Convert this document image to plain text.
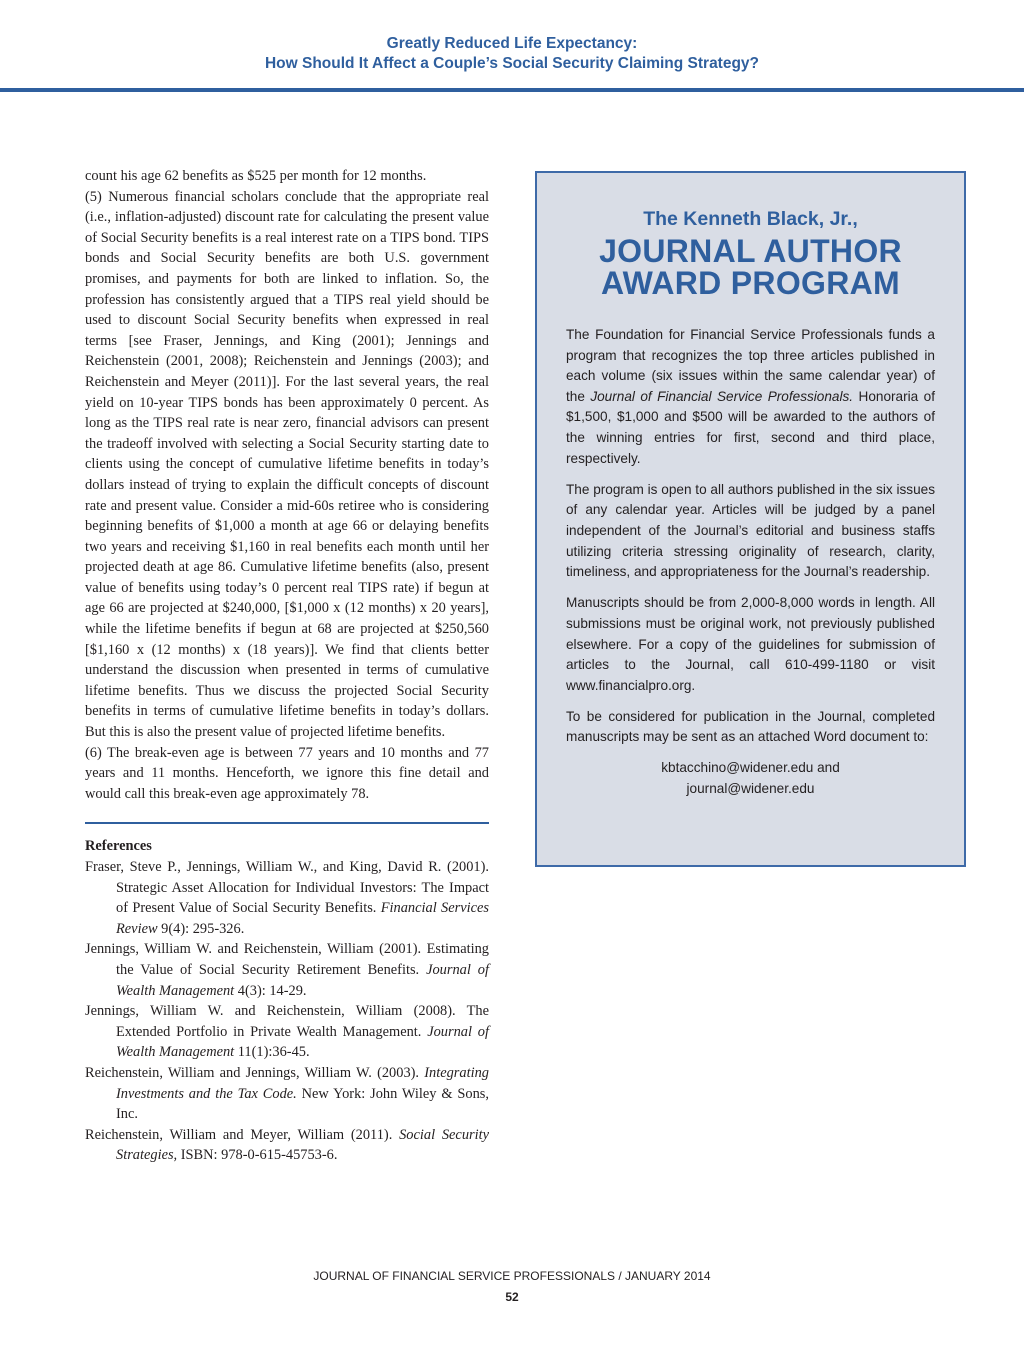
Greatly Reduced Life Expectancy:
How Should It Affect a Couple’s Social Security Claiming Strategy?

count his age 62 benefits as $525 per month for 12 months.

(5) Numerous financial scholars conclude that the appropriate real (i.e., inflation-adjusted) discount rate for calculating the present value of Social Security benefits is a real interest rate on a TIPS bond. TIPS bonds and Social Security benefits are both U.S. government promises, and payments for both are linked to inflation. So, the profession has consistently argued that a TIPS real yield should be used to discount Social Security benefits when expressed in real terms [see Fraser, Jennings, and King (2001); Jennings and Reichenstein (2001, 2008); Reichenstein and Jennings (2003); and Reichenstein and Meyer (2011)]. For the last several years, the real yield on 10-year TIPS bonds has been approximately 0 percent. As long as the TIPS real rate is near zero, financial advisors can present the tradeoff involved with selecting a Social Security starting date to clients using the concept of cumulative lifetime benefits in today’s dollars instead of trying to explain the difficult concepts of discount rate and present value. Consider a mid-60s retiree who is considering beginning benefits of $1,000 a month at age 66 or delaying benefits two years and receiving $1,160 in real benefits each month until her projected death at age 86. Cumulative lifetime benefits (also, present value of benefits using today’s 0 percent real TIPS rate) if begun at age 66 are projected at $240,000, [$1,000 x (12 months) x 20 years], while the lifetime benefits if begun at 68 are projected at $250,560 [$1,160 x (12 months) x (18 years)]. We find that clients better understand the discussion when presented in terms of cumulative lifetime benefits. Thus we discuss the projected Social Security benefits in terms of cumulative lifetime benefits in today’s dollars. But this is also the present value of projected lifetime benefits.

(6) The break-even age is between 77 years and 10 months and 77 years and 11 months. Henceforth, we ignore this fine detail and would call this break-even age approximately 78.

References

Fraser, Steve P., Jennings, William W., and King, David R. (2001). Strategic Asset Allocation for Individual Investors: The Impact of Present Value of Social Security Benefits. Financial Services Review 9(4): 295-326.

Jennings, William W. and Reichenstein, William (2001). Estimating the Value of Social Security Retirement Benefits. Journal of Wealth Management 4(3): 14-29.

Jennings, William W. and Reichenstein, William (2008). The Extended Portfolio in Private Wealth Management. Journal of Wealth Management 11(1):36-45.

Reichenstein, William and Jennings, William W. (2003). Integrating Investments and the Tax Code. New York: John Wiley & Sons, Inc.

Reichenstein, William and Meyer, William (2011). Social Security Strategies, ISBN: 978-0-615-45753-6.

The Kenneth Black, Jr.,
JOURNAL AUTHOR
AWARD PROGRAM

The Foundation for Financial Service Professionals funds a program that recognizes the top three articles published in each volume (six issues within the same calendar year) of the Journal of Financial Service Professionals. Honoraria of $1,500, $1,000 and $500 will be awarded to the authors of the winning entries for first, second and third place, respectively.

The program is open to all authors published in the six issues of any calendar year. Articles will be judged by a panel independent of the Journal’s editorial and business staffs utilizing criteria stressing originality of research, clarity, timeliness, and appropriateness for the Journal’s readership.

Manuscripts should be from 2,000-8,000 words in length. All submissions must be original work, not previously published elsewhere. For a copy of the guidelines for submission of articles to the Journal, call 610-499-1180 or visit www.financialpro.org.

To be considered for publication in the Journal, completed manuscripts may be sent as an attached Word document to:

kbtacchino@widener.edu and
journal@widener.edu
JOURNAL OF FINANCIAL SERVICE PROFESSIONALS / JANUARY 2014
52
